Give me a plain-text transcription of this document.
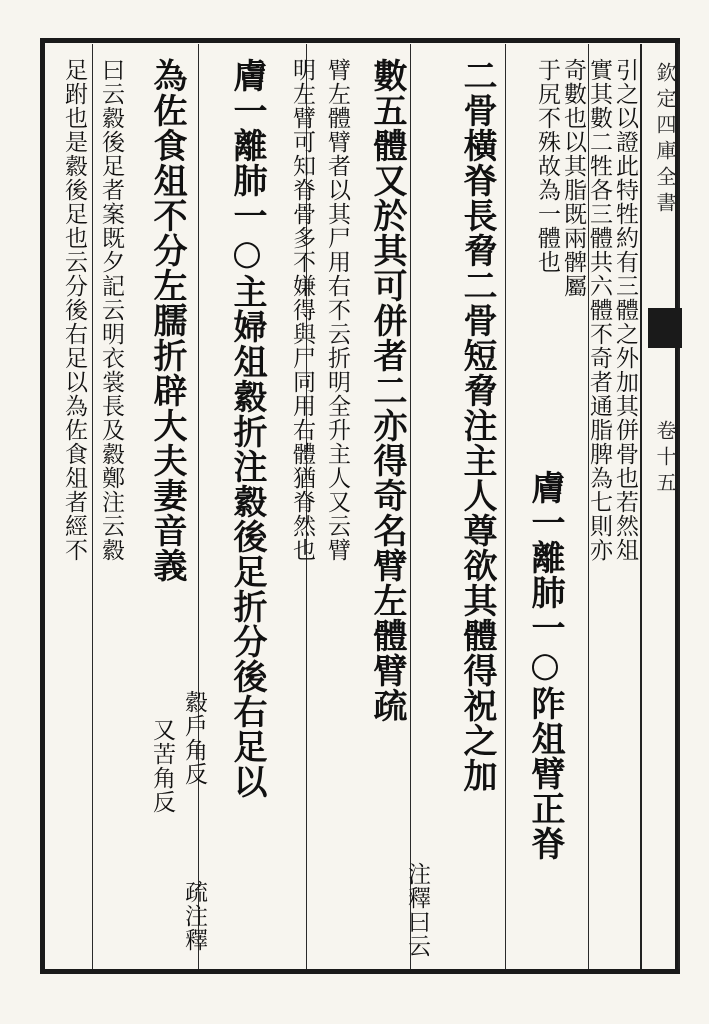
欽定四庫全書
卷十五
引之以證此特牲約有三體之外加其併骨也若然俎
實其數二牲各三體共六體不奇者通脂脾為七則亦
奇數也以其脂既兩髀屬
于尻不殊故為一體也
膚一離肺一○阼俎臂正脊
二骨橫脊長脅二骨短脅注主人尊欲其體得祝之加
數五體又於其可併者二亦得奇名臂左體臂疏
注釋曰云
臂左體臂者以其尸用右不云折明全升主人又云臂
明左臂可知脊骨多不嫌得與尸同用右體猶脊然也
膚一離肺一○主婦俎縠折注縠後足折分後右足以
為佐食俎不分左臑折辟大夫妻音義
縠戶角反
又苦角反
疏注釋
曰云縠後足者案既夕記云明衣裳長及縠鄭注云縠
足跗也是縠後足也云分後右足以為佐食俎者經不
